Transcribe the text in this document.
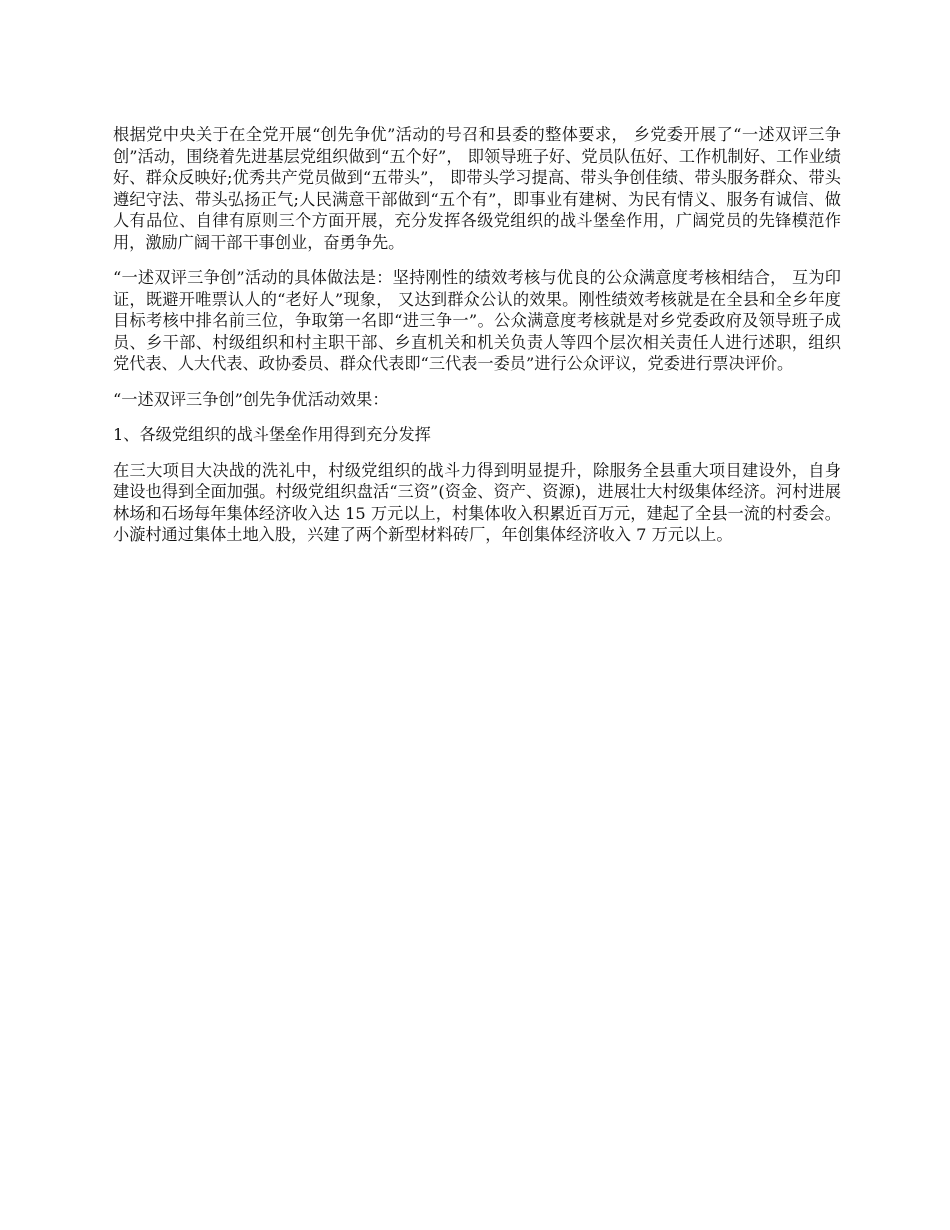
根据党中央关于在全党开展“创先争优”活动的号召和县委的整体要求， 乡党委开展了“一述双评三争创”活动，围绕着先进基层党组织做到“五个好”， 即领导班子好、党员队伍好、工作机制好、工作业绩好、群众反映好;优秀共产党员做到“五带头”， 即带头学习提高、带头争创佳绩、带头服务群众、带头遵纪守法、带头弘扬正气;人民满意干部做到“五个有”，即事业有建树、为民有情义、服务有诚信、做人有品位、自律有原则三个方面开展，充分发挥各级党组织的战斗堡垒作用，广阔党员的先锋模范作用，激励广阔干部干事创业，奋勇争先。

“一述双评三争创”活动的具体做法是：坚持刚性的绩效考核与优良的公众满意度考核相结合， 互为印证，既避开唯票认人的“老好人”现象， 又达到群众公认的效果。刚性绩效考核就是在全县和全乡年度目标考核中排名前三位，争取第一名即“进三争一”。公众满意度考核就是对乡党委政府及领导班子成员、乡干部、村级组织和村主职干部、乡直机关和机关负责人等四个层次相关责任人进行述职，组织党代表、人大代表、政协委员、群众代表即“三代表一委员”进行公众评议，党委进行票决评价。

“一述双评三争创”创先争优活动效果：

1、各级党组织的战斗堡垒作用得到充分发挥

在三大项目大决战的洗礼中，村级党组织的战斗力得到明显提升，除服务全县重大项目建设外，自身建设也得到全面加强。村级党组织盘活“三资”(资金、资产、资源)，进展壮大村级集体经济。河村进展林场和石场每年集体经济收入达 15 万元以上，村集体收入积累近百万元，建起了全县一流的村委会。小漩村通过集体土地入股，兴建了两个新型材料砖厂，年创集体经济收入 7 万元以上。
